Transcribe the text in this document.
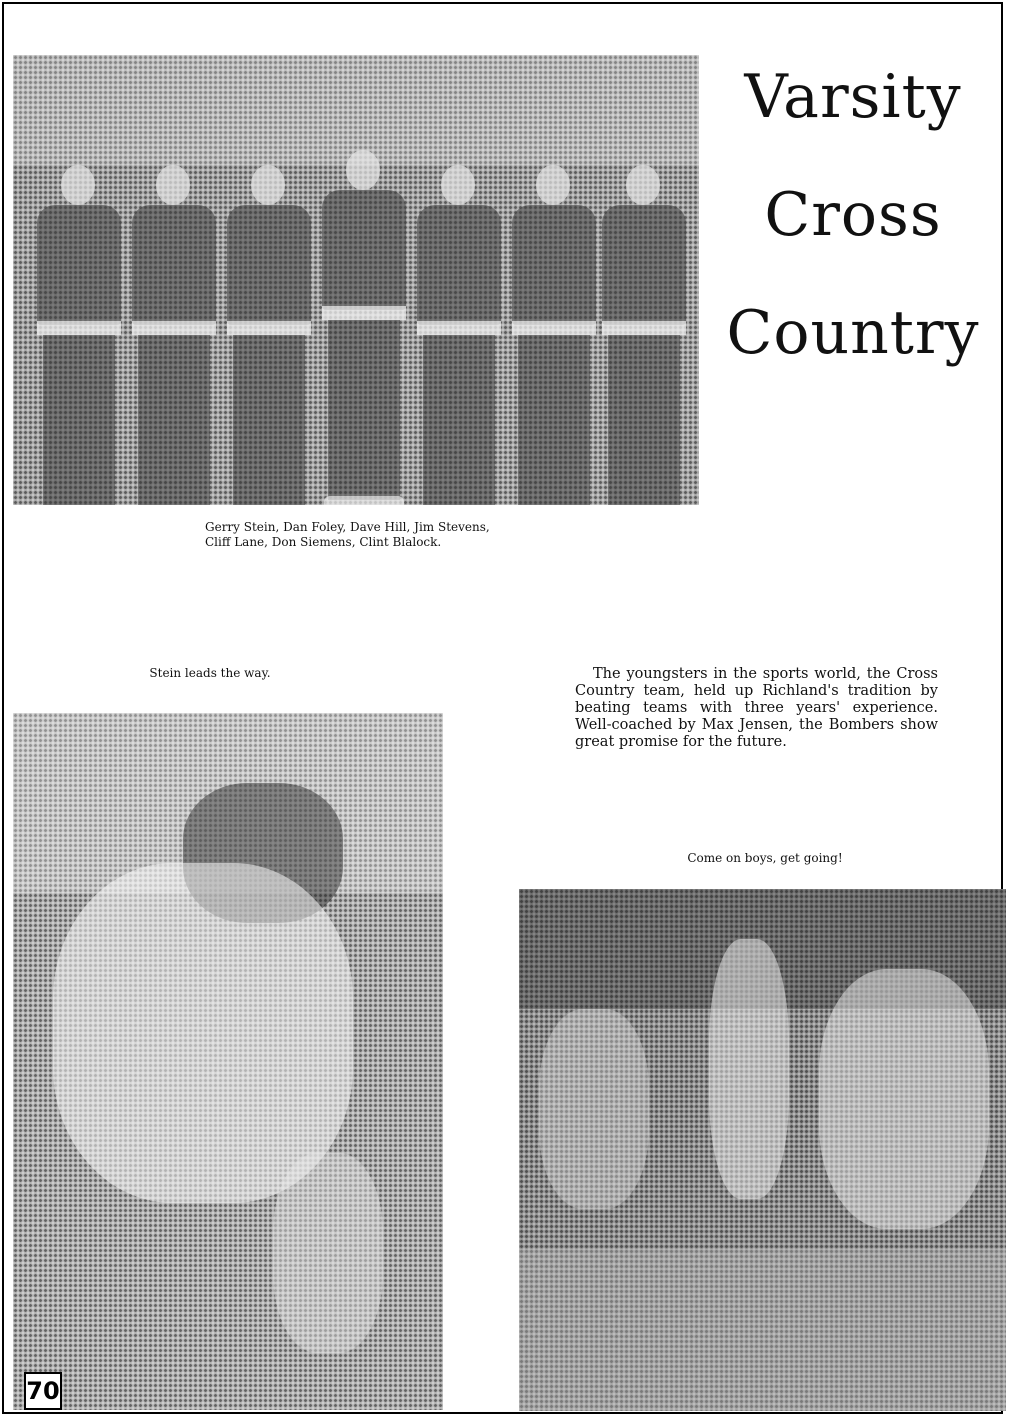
Varsity
Cross
Country

Gerry Stein, Dan Foley, Dave Hill, Jim Stevens, Cliff Lane, Don Siemens, Clint Blalock.

Stein leads the way.	The youngsters in the sports world, the Cross Country team, held up Richland's tradition by beating teams with three years' experience. Well-coached by Max Jensen, the Bombers show great promise for the future.

Come on boys, get going!

70
